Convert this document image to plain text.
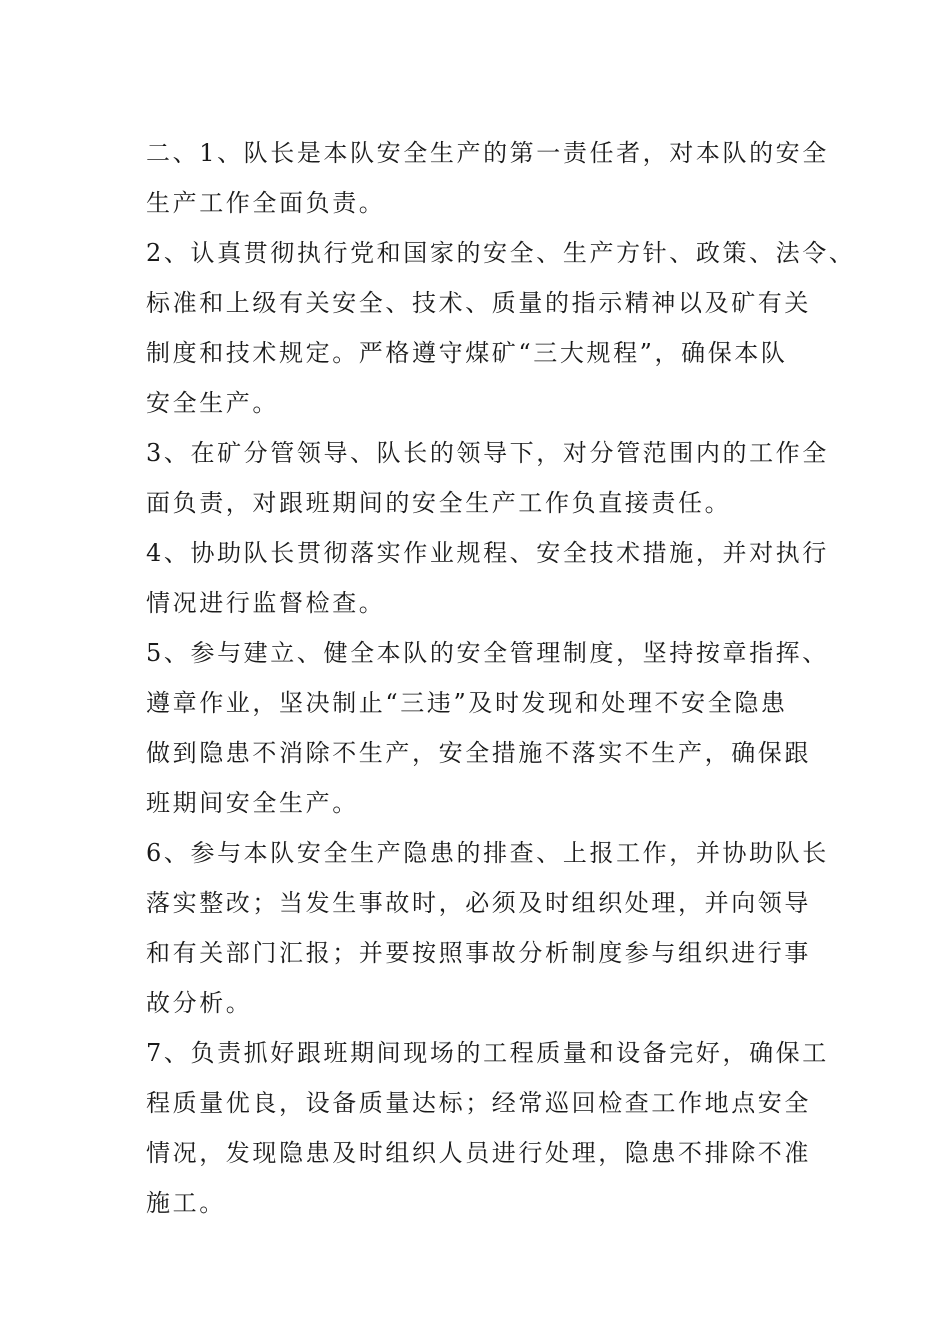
二、1、队长是本队安全生产的第一责任者，对本队的安全
生产工作全面负责。
2、认真贯彻执行党和国家的安全、生产方针、政策、法令、
标准和上级有关安全、技术、质量的指示精神以及矿有关
制度和技术规定。严格遵守煤矿“三大规程”，确保本队
安全生产。
3、在矿分管领导、队长的领导下，对分管范围内的工作全
面负责，对跟班期间的安全生产工作负直接责任。
4、协助队长贯彻落实作业规程、安全技术措施，并对执行
情况进行监督检查。
5、参与建立、健全本队的安全管理制度，坚持按章指挥、
遵章作业，坚决制止“三违”及时发现和处理不安全隐患
做到隐患不消除不生产，安全措施不落实不生产，确保跟
班期间安全生产。
6、参与本队安全生产隐患的排查、上报工作，并协助队长
落实整改；当发生事故时，必须及时组织处理，并向领导
和有关部门汇报；并要按照事故分析制度参与组织进行事
故分析。
7、负责抓好跟班期间现场的工程质量和设备完好，确保工
程质量优良，设备质量达标；经常巡回检查工作地点安全
情况，发现隐患及时组织人员进行处理，隐患不排除不准
施工。
